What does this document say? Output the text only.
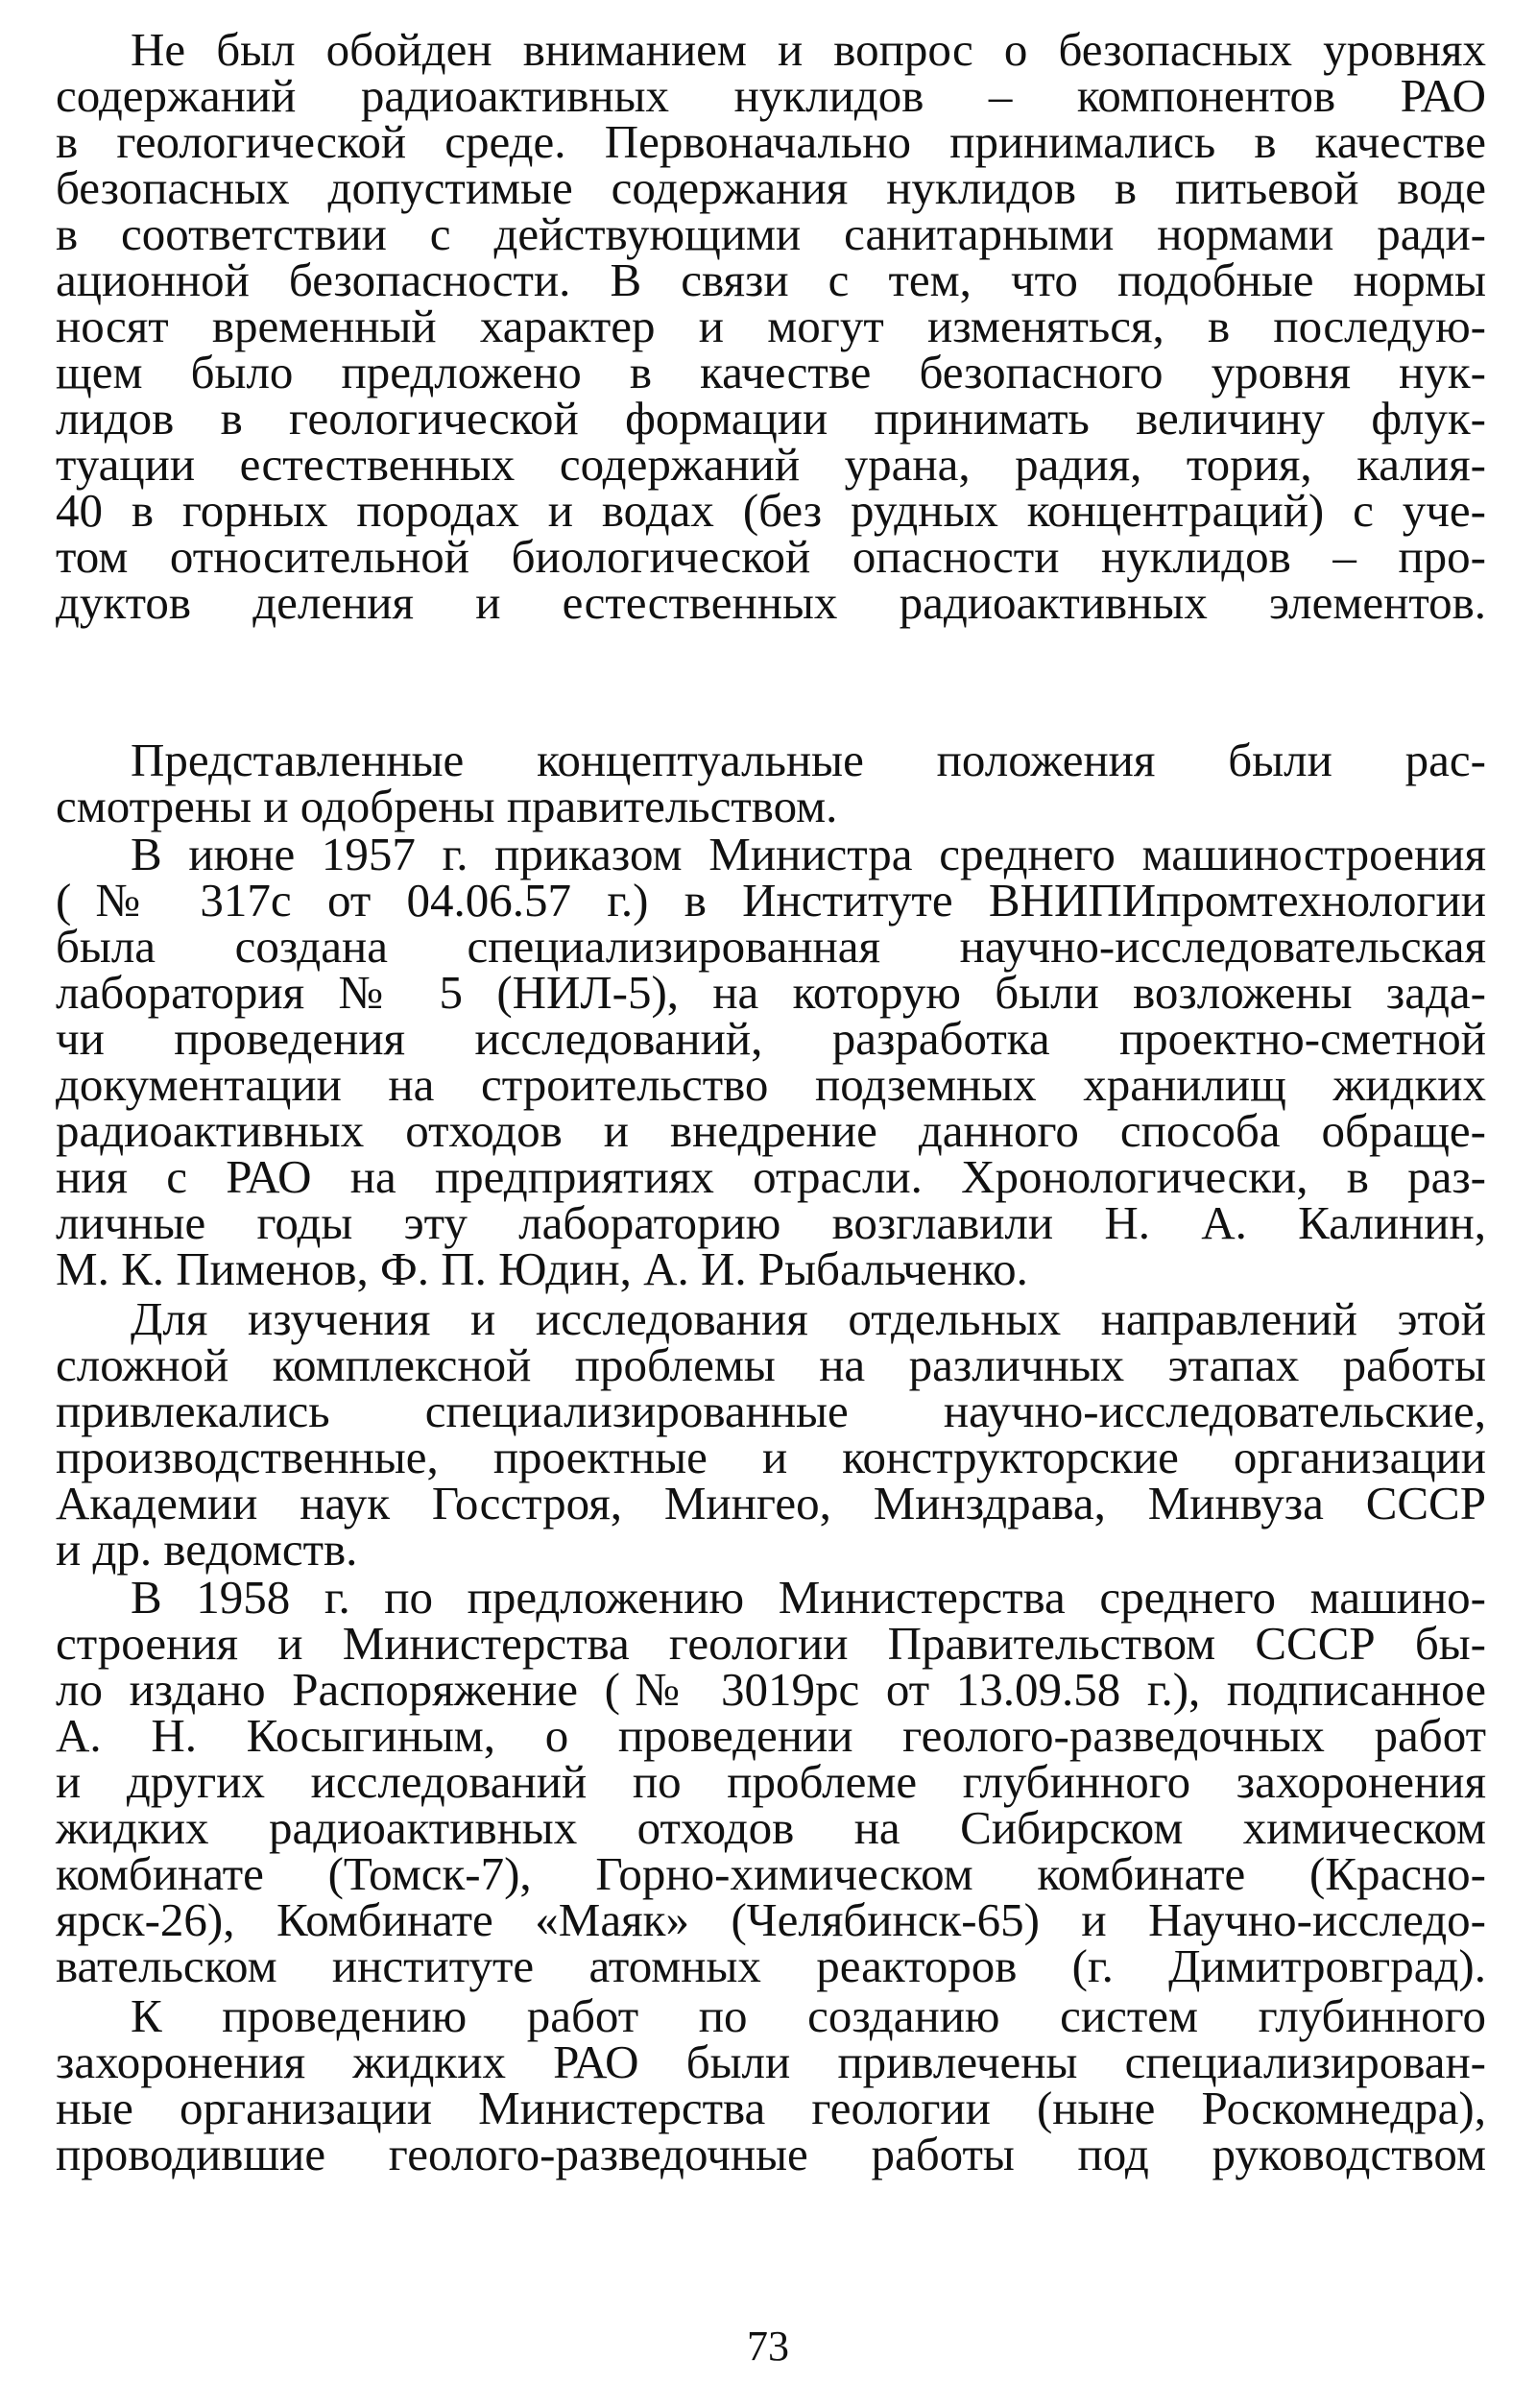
Не был обойден вниманием и вопрос о безопасных уровнях
содержаний радиоактивных нуклидов – компонентов РАО
в геологической среде. Первоначально принимались в качестве
безопасных допустимые содержания нуклидов в питьевой воде
в соответствии с действующими санитарными нормами ради-
ационной безопасности. В связи с тем, что подобные нормы
носят временный характер и могут изменяться, в последую-
щем было предложено в качестве безопасного уровня нук-
лидов в геологической формации принимать величину флук-
туации естественных содержаний урана, радия, тория, калия-
40 в горных породах и водах (без рудных концентраций) с уче-
том относительной биологической опасности нуклидов – про-
дуктов деления и естественных радиоактивных элементов.
Представленные концептуальные положения были рас-
смотрены и одобрены правительством.
В июне 1957 г. приказом Министра среднего машиностроения
(№ 317с от 04.06.57 г.) в Институте ВНИПИпромтехнологии
была создана специализированная научно-исследовательская
лаборатория № 5 (НИЛ-5), на которую были возложены зада-
чи проведения исследований, разработка проектно-сметной
документации на строительство подземных хранилищ жидких
радиоактивных отходов и внедрение данного способа обраще-
ния с РАО на предприятиях отрасли. Хронологически, в раз-
личные годы эту лабораторию возглавили Н. А. Калинин,
М. К. Пименов, Ф. П. Юдин, А. И. Рыбальченко.
Для изучения и исследования отдельных направлений этой
сложной комплексной проблемы на различных этапах работы
привлекались специализированные научно-исследовательские,
производственные, проектные и конструкторские организации
Академии наук Госстроя, Мингео, Минздрава, Минвуза СССР
и др. ведомств.
В 1958 г. по предложению Министерства среднего машино-
строения и Министерства геологии Правительством СССР бы-
ло издано Распоряжение (№ 3019рс от 13.09.58 г.), подписанное
А. Н. Косыгиным, о проведении геолого-разведочных работ
и других исследований по проблеме глубинного захоронения
жидких радиоактивных отходов на Сибирском химическом
комбинате (Томск-7), Горно-химическом комбинате (Красно-
ярск-26), Комбинате «Маяк» (Челябинск-65) и Научно-исследо-
вательском институте атомных реакторов (г. Димитровград).
К проведению работ по созданию систем глубинного
захоронения жидких РАО были привлечены специализирован-
ные организации Министерства геологии (ныне Роскомнедра),
проводившие геолого-разведочные работы под руководством
73
